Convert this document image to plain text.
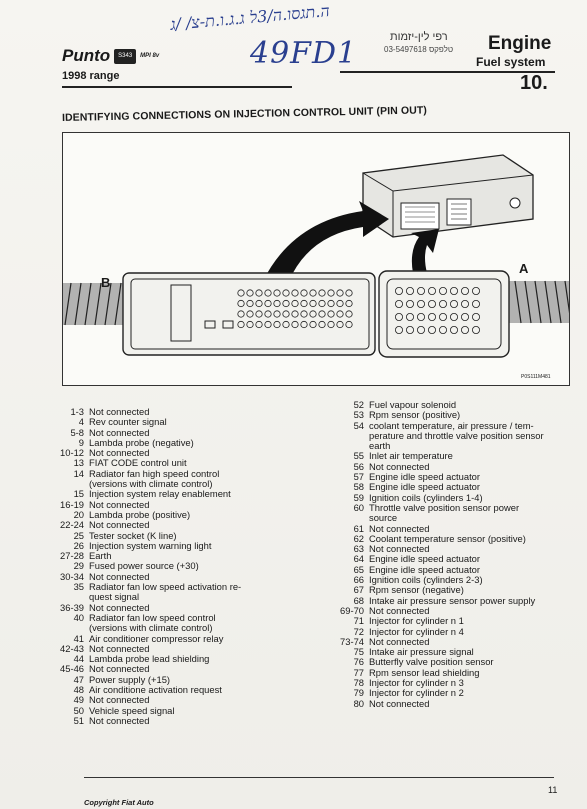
ה.תגסו.ה/3ל ג.ג.ו.ת-צ/ /ג
49FD1	רפי לין-יזמות
03-5497618 טלפקס
Punto	S343	MPI 8v
1998 range
Engine
Fuel system
10.
IDENTIFYING CONNECTIONS ON INJECTION CONTROL UNIT (PIN OUT)
B
A
P0S111M481
1-3 Not connected
4 Rev counter signal
5-8 Not connected
9 Lambda probe (negative)
10-12 Not connected
13 FIAT CODE control unit
14 Radiator fan high speed control
(versions with climate control)
15 Injection system relay enablement
16-19 Not connected
20 Lambda probe (positive)
22-24 Not connected
25 Tester socket (K line)
26 Injection system warning light
27-28 Earth
29 Fused power source (+30)
30-34 Not connected
35 Radiator fan low speed activation re-
quest signal
36-39 Not connected
40 Radiator fan low speed control
(versions with climate control)
41 Air conditioner compressor relay
42-43 Not connected
44 Lambda probe lead shielding
45-46 Not connected
47 Power supply (+15)
48 Air conditione activation request
49 Not connected
50 Vehicle speed signal
51 Not connected
52 Fuel vapour solenoid
53 Rpm sensor (positive)
54 coolant temperature, air pressure / tem-
perature and throttle valve position sensor
earth
55 Inlet air temperature
56 Not connected
57 Engine idle speed actuator
58 Engine idle speed actuator
59 Ignition coils (cylinders 1-4)
60 Throttle valve position sensor power
source
61 Not connected
62 Coolant temperature sensor (positive)
63 Not connected
64 Engine idle speed actuator
65 Engine idle speed actuator
66 Ignition coils (cylinders 2-3)
67 Rpm sensor (negative)
68 Intake air pressure sensor power supply
69-70 Not connected
71 Injector for cylinder n 1
72 Injector for cylinder n 4
73-74 Not connected
75 Intake air pressure signal
76 Butterfly valve position sensor
77 Rpm sensor lead shielding
78 Injector for cylinder n 3
79 Injector for cylinder n 2
80 Not connected
11
Copyright Fiat Auto
